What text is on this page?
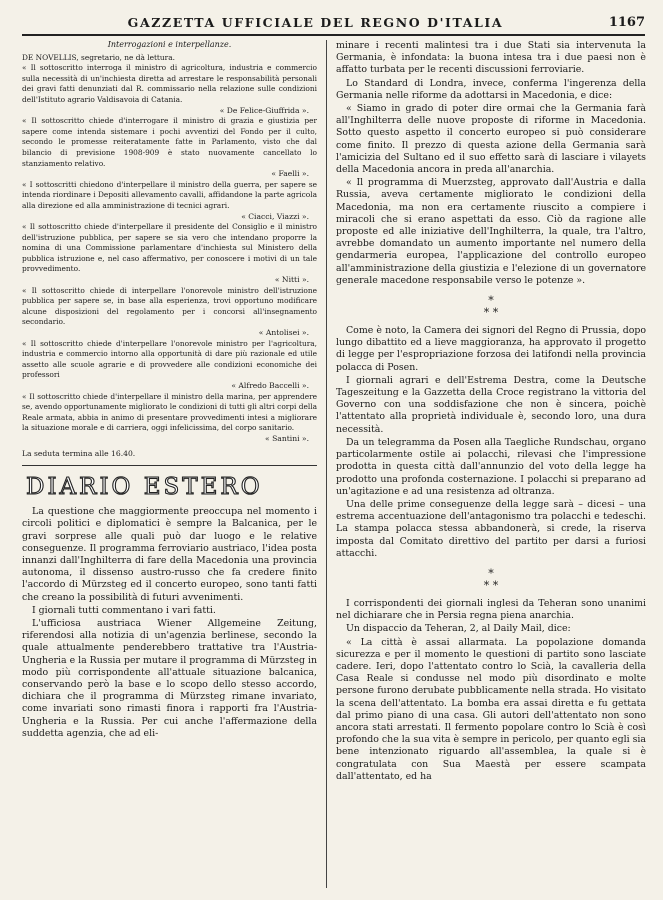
GAZZETTA UFFICIALE DEL REGNO D'ITALIA	1167
Interrogazioni e interpellanze.

DE NOVELLIS, segretario, ne dà lettura.

« Il sottoscritto interroga il ministro di agricoltura, industria e commercio sulla necessità di un'inchiesta diretta ad arrestare le responsabilità personali dei gravi fatti denunziati dal R. commissario nella relazione sulle condizioni dell'Istituto agrario Valdisavoia di Catania.

« De Felice-Giuffrida ».

« Il sottoscritto chiede d'interrogare il ministro di grazia e giustizia per sapere come intenda sistemare i pochi avventizi del Fondo per il culto, secondo le promesse reiteratamente fatte in Parlamento, visto che dal bilancio di previsione 1908-909 è stato nuovamente cancellato lo stanziamento relativo.

« Faelli ».

« I sottoscritti chiedono d'interpellare il ministro della guerra, per sapere se intenda riordinare i Depositi allevamento cavalli, affidandone la parte agricola alla direzione ed alla amministrazione di tecnici agrari.

« Ciacci, Viazzi ».

« Il sottoscritto chiede d'interpellare il presidente del Consiglio e il ministro dell'istruzione pubblica, per sapere se sia vero che intendano proporre la nomina di una Commissione parlamentare d'inchiesta sul Ministero della pubblica istruzione e, nel caso affermativo, per conoscere i motivi di un tale provvedimento.

« Nitti ».

« Il sottoscritto chiede di interpellare l'onorevole ministro dell'istruzione pubblica per sapere se, in base alla esperienza, trovi opportuno modificare alcune disposizioni del regolamento per i concorsi all'insegnamento secondario.

« Antolisei ».

« Il sottoscritto chiede d'interpellare l'onorevole ministro per l'agricoltura, industria e commercio intorno alla opportunità di dare più razionale ed utile assetto alle scuole agrarie e di provvedere alle condizioni economiche dei professori

« Alfredo Baccelli ».

« Il sottoscritto chiede d'interpellare il ministro della marina, per apprendere se, avendo opportunamente migliorato le condizioni di tutti gli altri corpi della Reale armata, abbia in animo di presentare provvedimenti intesi a migliorare la situazione morale e di carriera, oggi infelicissima, del corpo sanitario.

« Santini ».
La seduta termina alle 16.40.
DIARIO ESTERO

La questione che maggiormente preoccupa nel momento i circoli politici e diplomatici è sempre la Balcanica, per le gravi sorprese alle quali può dar luogo e le relative conseguenze. Il programma ferroviario austriaco, l'idea posta innanzi dall'Inghilterra di fare della Macedonia una provincia autonoma, il dissenso austro-russo che fa credere finito l'accordo di Mürzsteg ed il concerto europeo, sono tanti fatti che creano la possibilità di futuri avvenimenti.

I giornali tutti commentano i vari fatti.

L'ufficiosa austriaca Wiener Allgemeine Zeitung, riferendosi alla notizia di un'agenzia berlinese, secondo la quale attualmente penderebbero trattative tra l'Austria-Ungheria e la Russia per mutare il programma di Mürzsteg in modo più corrispondente all'attuale situazione balcanica, conservando però la base e lo scopo dello stesso accordo, dichiara che il programma di Mürzsteg rimane invariato, come invariati sono rimasti finora i rapporti fra l'Austria-Ungheria e la Russia. Per cui anche l'affermazione della suddetta agenzia, che ad eli-

minare i recenti malintesi tra i due Stati sia intervenuta la Germania, è infondata: la buona intesa tra i due paesi non è affatto turbata per le recenti discussioni ferroviarie.

Lo Standard di Londra, invece, conferma l'ingerenza della Germania nelle riforme da adottarsi in Macedonia, e dice:

« Siamo in grado di poter dire ormai che la Germania farà all'Inghilterra delle nuove proposte di riforme in Macedonia. Sotto questo aspetto il concerto europeo si può considerare come finito. Il prezzo di questa azione della Germania sarà l'amicizia del Sultano ed il suo effetto sarà di lasciare i vilayets della Macedonia ancora in preda all'anarchia.

« Il programma di Muerzsteg, approvato dall'Austria e dalla Russia, aveva certamente migliorato le condizioni della Macedonia, ma non era certamente riuscito a compiere i miracoli che si erano aspettati da esso. Ciò da ragione alle proposte ed alle iniziative dell'Inghilterra, la quale, tra l'altro, avrebbe domandato un aumento importante nel numero della gendarmeria europea, l'applicazione del controllo europeo all'amministrazione della giustizia e l'elezione di un governatore generale macedone responsabile verso le potenze ».

*
* *

Come è noto, la Camera dei signori del Regno di Prussia, dopo lungo dibattito ed a lieve maggioranza, ha approvato il progetto di legge per l'espropriazione forzosa dei latifondi nella provincia polacca di Posen.

I giornali agrari e dell'Estrema Destra, come la Deutsche Tageszeitung e la Gazzetta della Croce registrano la vittoria del Governo con una soddisfazione che non è sincera, poichè l'attentato alla proprietà individuale è, secondo loro, una dura necessità.

Da un telegramma da Posen alla Taegliche Rundschau, organo particolarmente ostile ai polacchi, rilevasi che l'impressione prodotta in questa città dall'annunzio del voto della legge ha prodotto una profonda costernazione. I polacchi si preparano ad un'agitazione e ad una resistenza ad oltranza.

Una delle prime conseguenze della legge sarà – dicesi – una estrema accentuazione dell'antagonismo tra polacchi e tedeschi. La stampa polacca stessa abbandonerà, si crede, la riserva imposta dal Comitato direttivo del partito per darsi a furiosi attacchi.

*
* *

I corrispondenti dei giornali inglesi da Teheran sono unanimi nel dichiarare che in Persia regna piena anarchia.

Un dispaccio da Teheran, 2, al Daily Mail, dice:

« La città è assai allarmata. La popolazione domanda sicurezza e per il momento le questioni di partito sono lasciate cadere. Ieri, dopo l'attentato contro lo Scià, la cavalleria della Casa Reale si condusse nel modo più disordinato e molte persone furono derubate pubblicamente nella strada. Ho visitato la scena dell'attentato. La bomba era assai diretta e fu gettata dal primo piano di una casa. Gli autori dell'attentato non sono ancora stati arrestati. Il fermento popolare contro lo Scià è così profondo che la sua vita è sempre in pericolo, per quanto egli sia bene intenzionato riguardo all'assemblea, la quale si è congratulata con Sua Maestà per essere scampata dall'attentato, ed ha
